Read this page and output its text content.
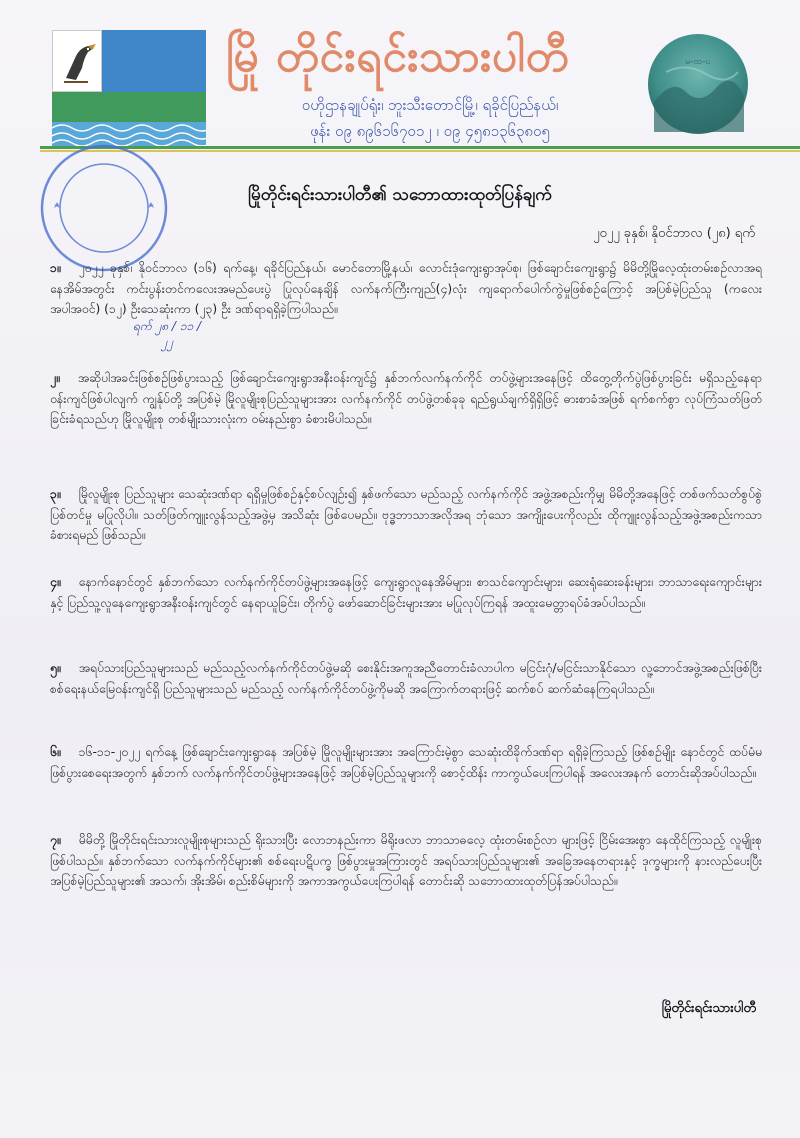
မြို တိုင်းရင်းသားပါတီ
ဝဟိုဌာနချုပ်ရုံး၊ ဘူးသီးတောင်မြို့၊ ရခိုင်ပြည်နယ်၊
ဖုန်း ၀၉ ၈၉၆၁၆၇၀၁၂ ၊ ၀၉ ၄၅၈၁၃၆၃၈၀၅
မ-ထ-ပ
ရက် ၂၈ / ၁၁ / ၂၂
မြိုတိုင်းရင်းသားပါတီ၏ သဘောထားထုတ်ပြန်ချက်
၂၀၂၂ ခုနှစ်၊ နိုဝင်ဘာလ (၂၈) ရက်
၁။ ၂၀၂၂ ခုနှစ်၊ နိုဝင်ဘာလ (၁၆) ရက်နေ့၊ ရခိုင်ပြည်နယ်၊ မောင်တောမြို့နယ်၊ လောင်းဒုံကျေးရွာအုပ်စု၊ ဖြစ်ချောင်းကျေးရွာ၌ မိမိတို့မြိုလေ့ထုံးတမ်းစဉ်လာအရ နေအိမ်အတွင်း ကင်းပွန်းတင်ကလေးအမည်ပေးပွဲ ပြုလုပ်နေချိန် လက်နက်ကြီးကျည်(၄)လုံး ကျရောက်ပေါက်ကွဲမှုဖြစ်စဉ်ကြောင့် အပြစ်မဲ့ပြည်သူ (ကလေးအပါအဝင်) (၁၂) ဦးသေဆုံးကာ (၂၃) ဦး ဒဏ်ရာရရှိခဲ့ကြပါသည်။
၂။ အဆိုပါအခင်းဖြစ်စဉ်ဖြစ်ပွားသည့် ဖြစ်ချောင်းကျေးရွာအနီးဝန်းကျင်၌ နှစ်ဘက်လက်နက်ကိုင် တပ်ဖွဲ့များအနေဖြင့် ထိတွေ့တိုက်ပွဲဖြစ်ပွားခြင်း မရှိသည့်နေရာဝန်းကျင်ဖြစ်ပါလျက် ကျွန်ုပ်တို့ အပြစ်မဲ့ မြိုလူမျိုးစုပြည်သူများအား လက်နက်ကိုင် တပ်ဖွဲ့တစ်ခုခု ရည်ရွယ်ချက်ရှိရှိဖြင့် ဓားစာခံအဖြစ် ရက်စက်စွာ လုပ်ကြံသတ်ဖြတ်ခြင်းခံရသည်ဟု မြိုလူမျိုးစု တစ်မျိုးသားလုံးက ဝမ်းနည်းစွာ ခံစားမိပါသည်။
၃။ မြိုလူမျိုးစု ပြည်သူများ သေဆုံးဒဏ်ရာ ရရှိမှုဖြစ်စဉ်နှင့်စပ်လျဉ်း၍ နှစ်ဖက်သော မည်သည့် လက်နက်ကိုင် အဖွဲ့အစည်းကိုမျှ မိမိတို့အနေဖြင့် တစ်ဖက်သတ်စွပ်စွဲပြစ်တင်မှု မပြုလိုပါ။ သတ်ဖြတ်ကျူးလွန်သည့်အဖွဲ့မှ အသိဆုံး ဖြစ်ပေမည်။ ဗုဒ္ဓဘာသာအလိုအရ ဘုံသော အကျိုးပေးကိုလည်း ထိုကျူးလွန်သည့်အဖွဲ့အစည်းကသာ ခံစားရမည် ဖြစ်သည်။
၄။ နောက်နောင်တွင် နှစ်ဘက်သော လက်နက်ကိုင်တပ်ဖွဲ့များအနေဖြင့် ကျေးရွာလူနေအိမ်များ၊ စာသင်ကျောင်းများ၊ ဆေးရုံဆေးခန်းများ၊ ဘာသာရေးကျောင်းများနှင့် ပြည်သူ့လူနေကျေးရွာအနီးဝန်းကျင်တွင် နေရာယူခြင်း၊ တိုက်ပွဲ ဖော်ဆောင်ခြင်းများအား မပြုလုပ်ကြရန် အထူးမေတ္တာရပ်ခံအပ်ပါသည်။
၅။ အရပ်သားပြည်သူများသည် မည်သည့်လက်နက်ကိုင်တပ်ဖွဲ့မဆို စေးနိုင်းအကူအညီတောင်းခံလာပါက မငြင်းဂုံ/မငြင်းသာနိုင်သော လူ့ဘောင်အဖွဲ့အစည်းဖြစ်ပြီး စစ်ရေးနယ်မြေဝန်းကျင်ရှိ ပြည်သူများသည် မည်သည့် လက်နက်ကိုင်တပ်ဖွဲ့ကိုမဆို အကြောက်တရားဖြင့် ဆက်စပ် ဆက်ဆံနေကြရပါသည်။
၆။ ၁၆-၁၁-၂၀၂၂ ရက်နေ့ ဖြစ်ချောင်းကျေးရွာနေ အပြစ်မဲ့ မြိုလူမျိုးများအား အကြောင်းမဲ့စွာ သေဆုံးထိခိုက်ဒဏ်ရာ ရရှိခဲ့ကြသည့် ဖြစ်စဉ်မျိုး နောင်တွင် ထပ်မံမဖြစ်ပွားစေရေးအတွက် နှစ်ဘက် လက်နက်ကိုင်တပ်ဖွဲ့များအနေဖြင့် အပြစ်မဲ့ပြည်သူများကို စောင့်ထိန်း ကာကွယ်ပေးကြပါရန် အလေးအနက် တောင်းဆိုအပ်ပါသည်။
၇။ မိမိတို့ မြိုတိုင်းရင်းသားလူမျိုးစုများသည် ရိုးသားပြီး လောဘနည်းကာ မိရိုးဖလာ ဘာသာဓလေ့ ထုံးတမ်းစဉ်လာ များဖြင့် ငြိမ်းအေးစွာ နေထိုင်ကြသည့် လူမျိုးစုဖြစ်ပါသည်။ နှစ်ဘက်သော လက်နက်ကိုင်များ၏ စစ်ရေးပဋိပက္ခ ဖြစ်ပွားမှုအကြားတွင် အရပ်သားပြည်သူများ၏ အခြေအနေတရားနှင့် ဒုက္ခများကို နားလည်ပေးပြီး အပြစ်မဲ့ပြည်သူများ၏ အသက်၊ အိုးအိမ်၊ စည်းစိမ်များကို အကာအကွယ်ပေးကြပါရန် တောင်းဆို သဘောထားထုတ်ပြန်အပ်ပါသည်။
မြိုတိုင်းရင်းသားပါတီ
